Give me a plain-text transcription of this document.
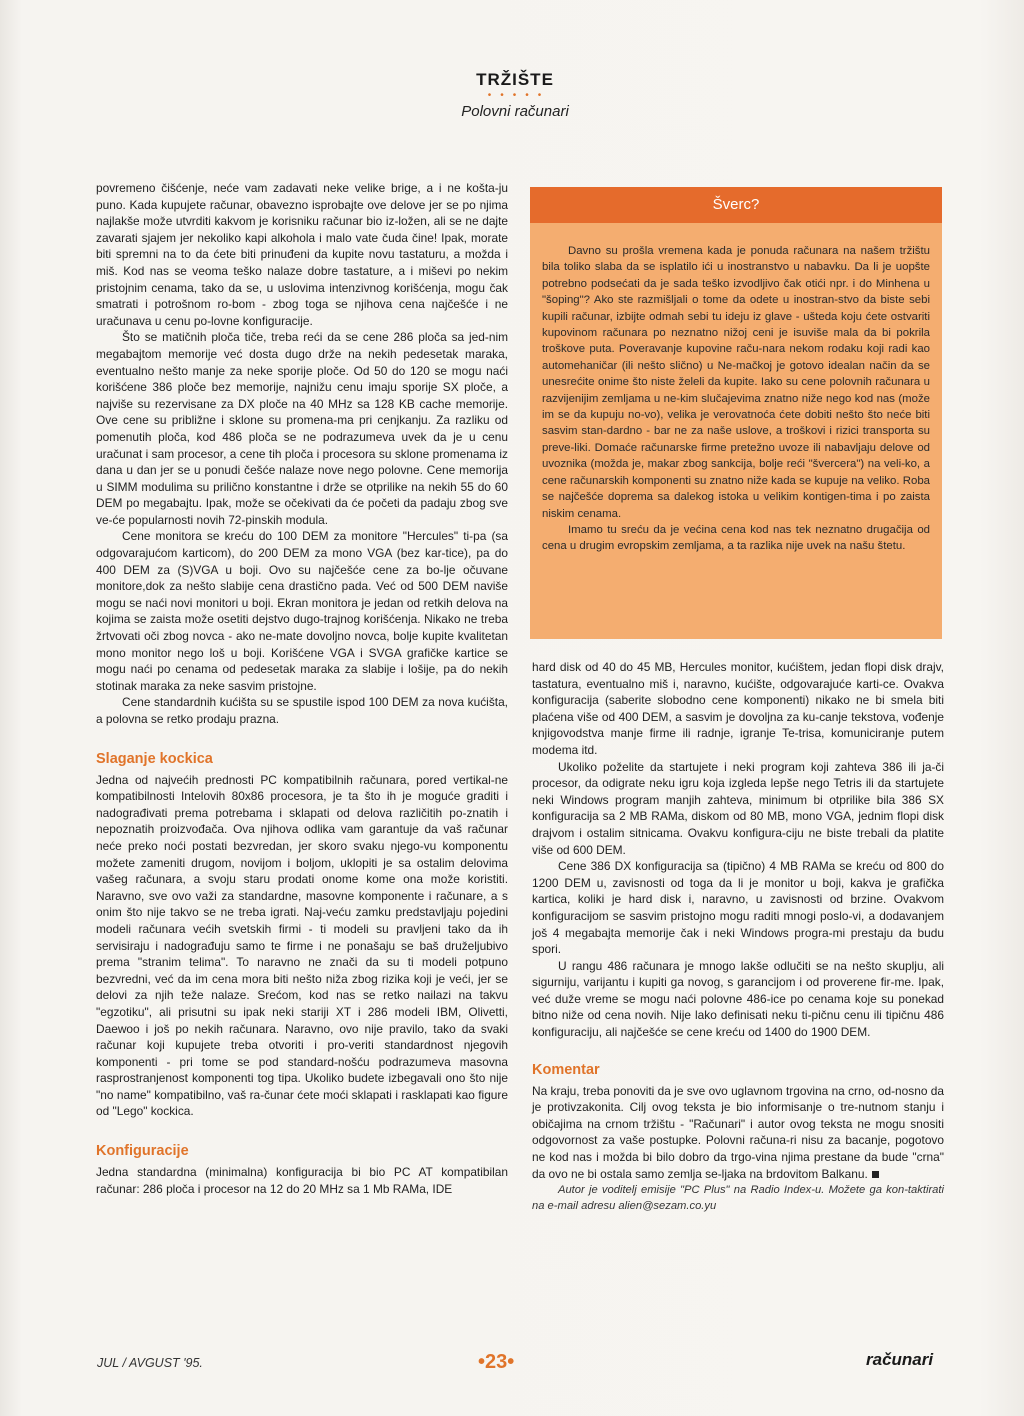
TRŽIŠTE
•••••
Polovni računari

povremeno čišćenje, neće vam zadavati neke velike brige, a i ne košta-ju puno. Kada kupujete računar, obavezno isprobajte ove delove jer se po njima najlakše može utvrditi kakvom je korisniku računar bio iz-ložen, ali se ne dajte zavarati sjajem jer nekoliko kapi alkohola i malo vate čuda čine! Ipak, morate biti spremni na to da ćete biti prinuđeni da kupite novu tastaturu, a možda i miš. Kod nas se veoma teško nalaze dobre tastature, a i miševi po nekim pristojnim cenama, tako da se, u uslovima intenzivnog korišćenja, mogu čak smatrati i potrošnom ro-bom - zbog toga se njihova cena najčešće i ne uračunava u cenu po-lovne konfiguracije.

Što se matičnih ploča tiče, treba reći da se cene 286 ploča sa jed-nim megabajtom memorije već dosta dugo drže na nekih pedesetak maraka, eventualno nešto manje za neke sporije ploče. Od 50 do 120 se mogu naći korišćene 386 ploče bez memorije, najnižu cenu imaju sporije SX ploče, a najviše su rezervisane za DX ploče na 40 MHz sa 128 KB cache memorije. Ove cene su približne i sklone su promena-ma pri cenjkanju. Za razliku od pomenutih ploča, kod 486 ploča se ne podrazumeva uvek da je u cenu uračunat i sam procesor, a cene tih ploča i procesora su sklone promenama iz dana u dan jer se u ponudi češće nalaze nove nego polovne. Cene memorija u SIMM modulima su prilično konstantne i drže se otprilike na nekih 55 do 60 DEM po megabajtu. Ipak, može se očekivati da će početi da padaju zbog sve ve-će popularnosti novih 72-pinskih modula.

Cene monitora se kreću do 100 DEM za monitore "Hercules" ti-pa (sa odgovarajućom karticom), do 200 DEM za mono VGA (bez kar-tice), pa do 400 DEM za (S)VGA u boji. Ovo su najčešće cene za bo-lje očuvane monitore,dok za nešto slabije cena drastično pada. Već od 500 DEM naviše mogu se naći novi monitori u boji. Ekran monitora je jedan od retkih delova na kojima se zaista može osetiti dejstvo dugo-trajnog korišćenja. Nikako ne treba žrtvovati oči zbog novca - ako ne-mate dovoljno novca, bolje kupite kvalitetan mono monitor nego loš u boji. Korišćene VGA i SVGA grafičke kartice se mogu naći po cenama od pedesetak maraka za slabije i lošije, pa do nekih stotinak maraka za neke sasvim pristojne.

Cene standardnih kućišta su se spustile ispod 100 DEM za nova kućišta, a polovna se retko prodaju prazna.

Slaganje kockica

Jedna od najvećih prednosti PC kompatibilnih računara, pored vertikal-ne kompatibilnosti Intelovih 80x86 procesora, je ta što ih je moguće graditi i nadograđivati prema potrebama i sklapati od delova različitih po-znatih i nepoznatih proizvođača. Ova njihova odlika vam garantuje da vaš računar neće preko noći postati bezvredan, jer skoro svaku njego-vu komponentu možete zameniti drugom, novijom i boljom, uklopiti je sa ostalim delovima vašeg računara, a svoju staru prodati onome kome ona može koristiti. Naravno, sve ovo važi za standardne, masovne komponente i računare, a s onim što nije takvo se ne treba igrati. Naj-veću zamku predstavljaju pojedini modeli računara većih svetskih firmi - ti modeli su pravljeni tako da ih servisiraju i nadograđuju samo te firme i ne ponašaju se baš druželjubivo prema "stranim telima". To naravno ne znači da su ti modeli potpuno bezvredni, već da im cena mora biti nešto niža zbog rizika koji je veći, jer se delovi za njih teže nalaze. Srećom, kod nas se retko nailazi na takvu "egzotiku", ali prisutni su ipak neki stariji XT i 286 modeli IBM, Olivetti, Daewoo i još po nekih računara. Naravno, ovo nije pravilo, tako da svaki računar koji kupujete treba otvoriti i pro-veriti standardnost njegovih komponenti - pri tome se pod standard-nošću podrazumeva masovna rasprostranjenost komponenti tog tipa. Ukoliko budete izbegavali ono što nije "no name" kompatibilno, vaš ra-čunar ćete moći sklapati i rasklapati kao figure od "Lego" kockica.

Konfiguracije

Jedna standardna (minimalna) konfiguracija bi bio PC AT kompatibilan računar: 286 ploča i procesor na 12 do 20 MHz sa 1 Mb RAMa, IDE

Šverc?

Davno su prošla vremena kada je ponuda računara na našem tržištu bila toliko slaba da se isplatilo ići u inostranstvo u nabavku. Da li je uopšte potrebno podsećati da je sada teško izvodljivo čak otići npr. i do Minhena u "šoping"? Ako ste razmišljali o tome da odete u inostran-stvo da biste sebi kupili računar, izbijte odmah sebi tu ideju iz glave - ušteda koju ćete ostvariti kupovinom računara po neznatno nižoj ceni je isuviše mala da bi pokrila troškove puta. Poveravanje kupovine raču-nara nekom rodaku koji radi kao automehaničar (ili nešto slično) u Ne-mačkoj je gotovo idealan način da se unesrećite onime što niste želeli da kupite. Iako su cene polovnih računara u razvijenijim zemljama u ne-kim slučajevima znatno niže nego kod nas (može im se da kupuju no-vo), velika je verovatnoća ćete dobiti nešto što neće biti sasvim stan-dardno - bar ne za naše uslove, a troškovi i rizici transporta su preve-liki. Domaće računarske firme pretežno uvoze ili nabavljaju delove od uvoznika (možda je, makar zbog sankcija, bolje reći "švercera") na veli-ko, a cene računarskih komponenti su znatno niže kada se kupuje na veliko. Roba se najčešće doprema sa dalekog istoka u velikim kontigen-tima i po zaista niskim cenama.

Imamo tu sreću da je većina cena kod nas tek neznatno drugačija od cena u drugim evropskim zemljama, a ta razlika nije uvek na našu štetu.

hard disk od 40 do 45 MB, Hercules monitor, kućištem, jedan flopi disk drajv, tastatura, eventualno miš i, naravno, kućište, odgovarajuće karti-ce. Ovakva konfiguracija (saberite slobodno cene komponenti) nikako ne bi smela biti plaćena više od 400 DEM, a sasvim je dovoljna za ku-canje tekstova, vođenje knjigovodstva manje firme ili radnje, igranje Te-trisa, komuniciranje putem modema itd.

Ukoliko poželite da startujete i neki program koji zahteva 386 ili ja-či procesor, da odigrate neku igru koja izgleda lepše nego Tetris ili da startujete neki Windows program manjih zahteva, minimum bi otprilike bila 386 SX konfiguracija sa 2 MB RAMa, diskom od 80 MB, mono VGA, jednim flopi disk drajvom i ostalim sitnicama. Ovakvu konfigura-ciju ne biste trebali da platite više od 600 DEM.

Cene 386 DX konfiguracija sa (tipično) 4 MB RAMa se kreću od 800 do 1200 DEM u, zavisnosti od toga da li je monitor u boji, kakva je grafička kartica, koliki je hard disk i, naravno, u zavisnosti od brzine. Ovakvom konfiguracijom se sasvim pristojno mogu raditi mnogi poslo-vi, a dodavanjem još 4 megabajta memorije čak i neki Windows progra-mi prestaju da budu spori.

U rangu 486 računara je mnogo lakše odlučiti se na nešto skuplju, ali sigurniju, varijantu i kupiti ga novog, s garancijom i od proverene fir-me. Ipak, već duže vreme se mogu naći polovne 486-ice po cenama koje su ponekad bitno niže od cena novih. Nije lako definisati neku ti-pičnu cenu ili tipičnu 486 konfiguraciju, ali najčešće se cene kreću od 1400 do 1900 DEM.

Komentar

Na kraju, treba ponoviti da je sve ovo uglavnom trgovina na crno, od-nosno da je protivzakonita. Cilj ovog teksta je bio informisanje o tre-nutnom stanju i običajima na crnom tržištu - "Računari" i autor ovog teksta ne mogu snositi odgovornost za vaše postupke. Polovni računa-ri nisu za bacanje, pogotovo ne kod nas i možda bi bilo dobro da trgo-vina njima prestane da bude "crna" da ovo ne bi ostala samo zemlja se-ljaka na brdovitom Balkanu.

Autor je voditelj emisije "PC Plus" na Radio Index-u. Možete ga kon-taktirati na e-mail adresu alien@sezam.co.yu

JUL / AVGUST '95.	•23•	računari
